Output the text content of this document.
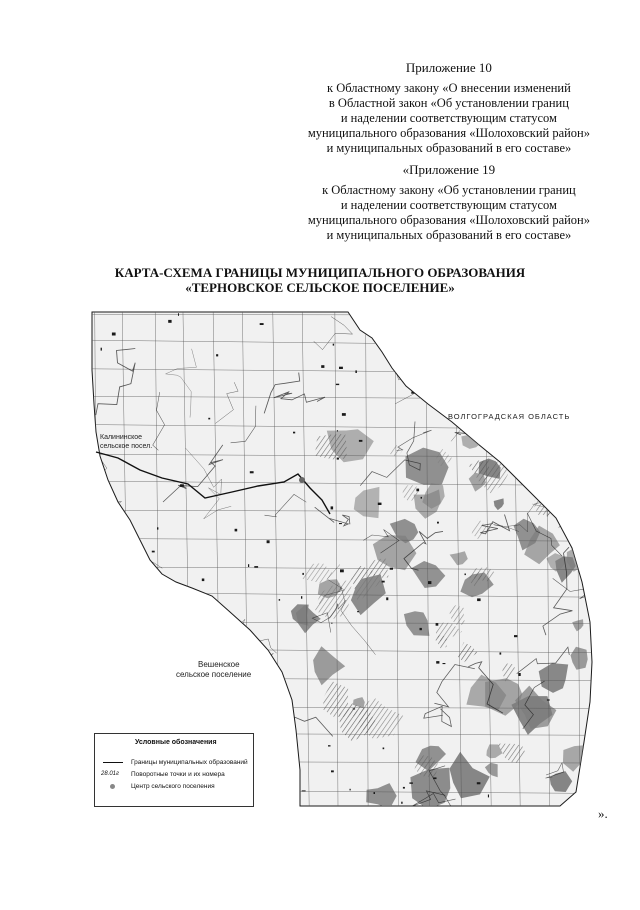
Приложение 10
к Областному закону «О внесении изменений
в Областной закон «Об установлении границ
и наделении соответствующим статусом
муниципального образования «Шолоховский район»
и муниципальных образований в его составе»
«Приложение 19
к Областному закону «Об установлении границ
и наделении соответствующим статусом
муниципального образования «Шолоховский район»
и муниципальных образований в его составе»
КАРТА-СХЕМА ГРАНИЦЫ МУНИЦИПАЛЬНОГО ОБРАЗОВАНИЯ
«ТЕРНОВСКОЕ СЕЛЬСКОЕ ПОСЕЛЕНИЕ»
ВОЛГОГРАДСКАЯ ОБЛАСТЬ
Калининское
сельское посел.
Вешенское
сельское поселение
Условные обозначения
Границы муниципальных образований
28.01г Поворотные точки и их номера
Центр сельского поселения
».
